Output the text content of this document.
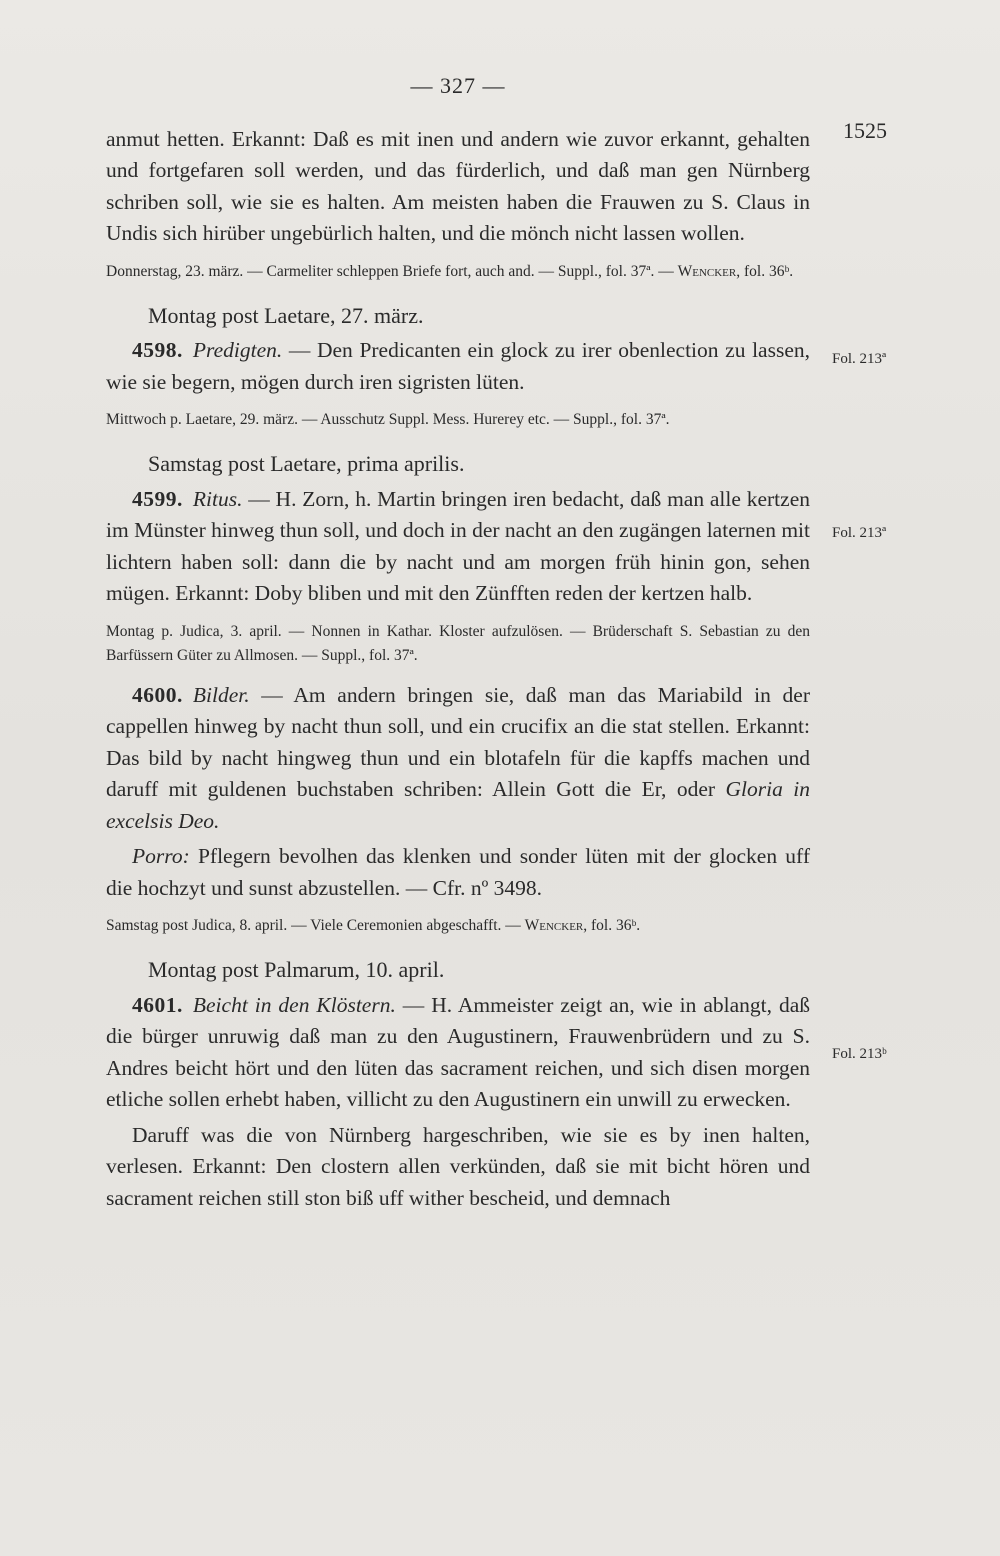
1525
Fol. 213ª
Fol. 213ª
Fol. 213ᵇ
— 327 —

anmut hetten. Erkannt: Daß es mit inen und andern wie zuvor erkannt, gehalten und fortgefaren soll werden, und das fürderlich, und daß man gen Nürnberg schriben soll, wie sie es halten. Am meisten haben die Frauwen zu S. Claus in Undis sich hirüber ungebürlich halten, und die mönch nicht lassen wollen.

Donnerstag, 23. märz. — Carmeliter schleppen Briefe fort, auch and. — Suppl., fol. 37ª. — Wencker, fol. 36ᵇ.

Montag post Laetare, 27. märz.

4598. Predigten. — Den Predicanten ein glock zu irer obenlection zu lassen, wie sie begern, mögen durch iren sigristen lüten.

Mittwoch p. Laetare, 29. märz. — Ausschutz Suppl. Mess. Hurerey etc. — Suppl., fol. 37ª.

Samstag post Laetare, prima aprilis.

4599. Ritus. — H. Zorn, h. Martin bringen iren bedacht, daß man alle kertzen im Münster hinweg thun soll, und doch in der nacht an den zugängen laternen mit lichtern haben soll: dann die by nacht und am morgen früh hinin gon, sehen mügen. Erkannt: Doby bliben und mit den Zünfften reden der kertzen halb.

Montag p. Judica, 3. april. — Nonnen in Kathar. Kloster aufzulösen. — Brüderschaft S. Sebastian zu den Barfüssern Güter zu Allmosen. — Suppl., fol. 37ª.

4600. Bilder. — Am andern bringen sie, daß man das Mariabild in der cappellen hinweg by nacht thun soll, und ein crucifix an die stat stellen. Erkannt: Das bild by nacht hingweg thun und ein blotafeln für die kapffs machen und daruff mit guldenen buchstaben schriben: Allein Gott die Er, oder Gloria in excelsis Deo.

Porro: Pflegern bevolhen das klenken und sonder lüten mit der glocken uff die hochzyt und sunst abzustellen. — Cfr. nº 3498.

Samstag post Judica, 8. april. — Viele Ceremonien abgeschafft. — Wencker, fol. 36ᵇ.

Montag post Palmarum, 10. april.

4601. Beicht in den Klöstern. — H. Ammeister zeigt an, wie in ablangt, daß die bürger unruwig daß man zu den Augustinern, Frauwenbrüdern und zu S. Andres beicht hört und den lüten das sacrament reichen, und sich disen morgen etliche sollen erhebt haben, villicht zu den Augustinern ein unwill zu erwecken.

Daruff was die von Nürnberg hargeschriben, wie sie es by inen halten, verlesen. Erkannt: Den clostern allen verkünden, daß sie mit bicht hören und sacrament reichen still ston biß uff wither bescheid, und demnach
